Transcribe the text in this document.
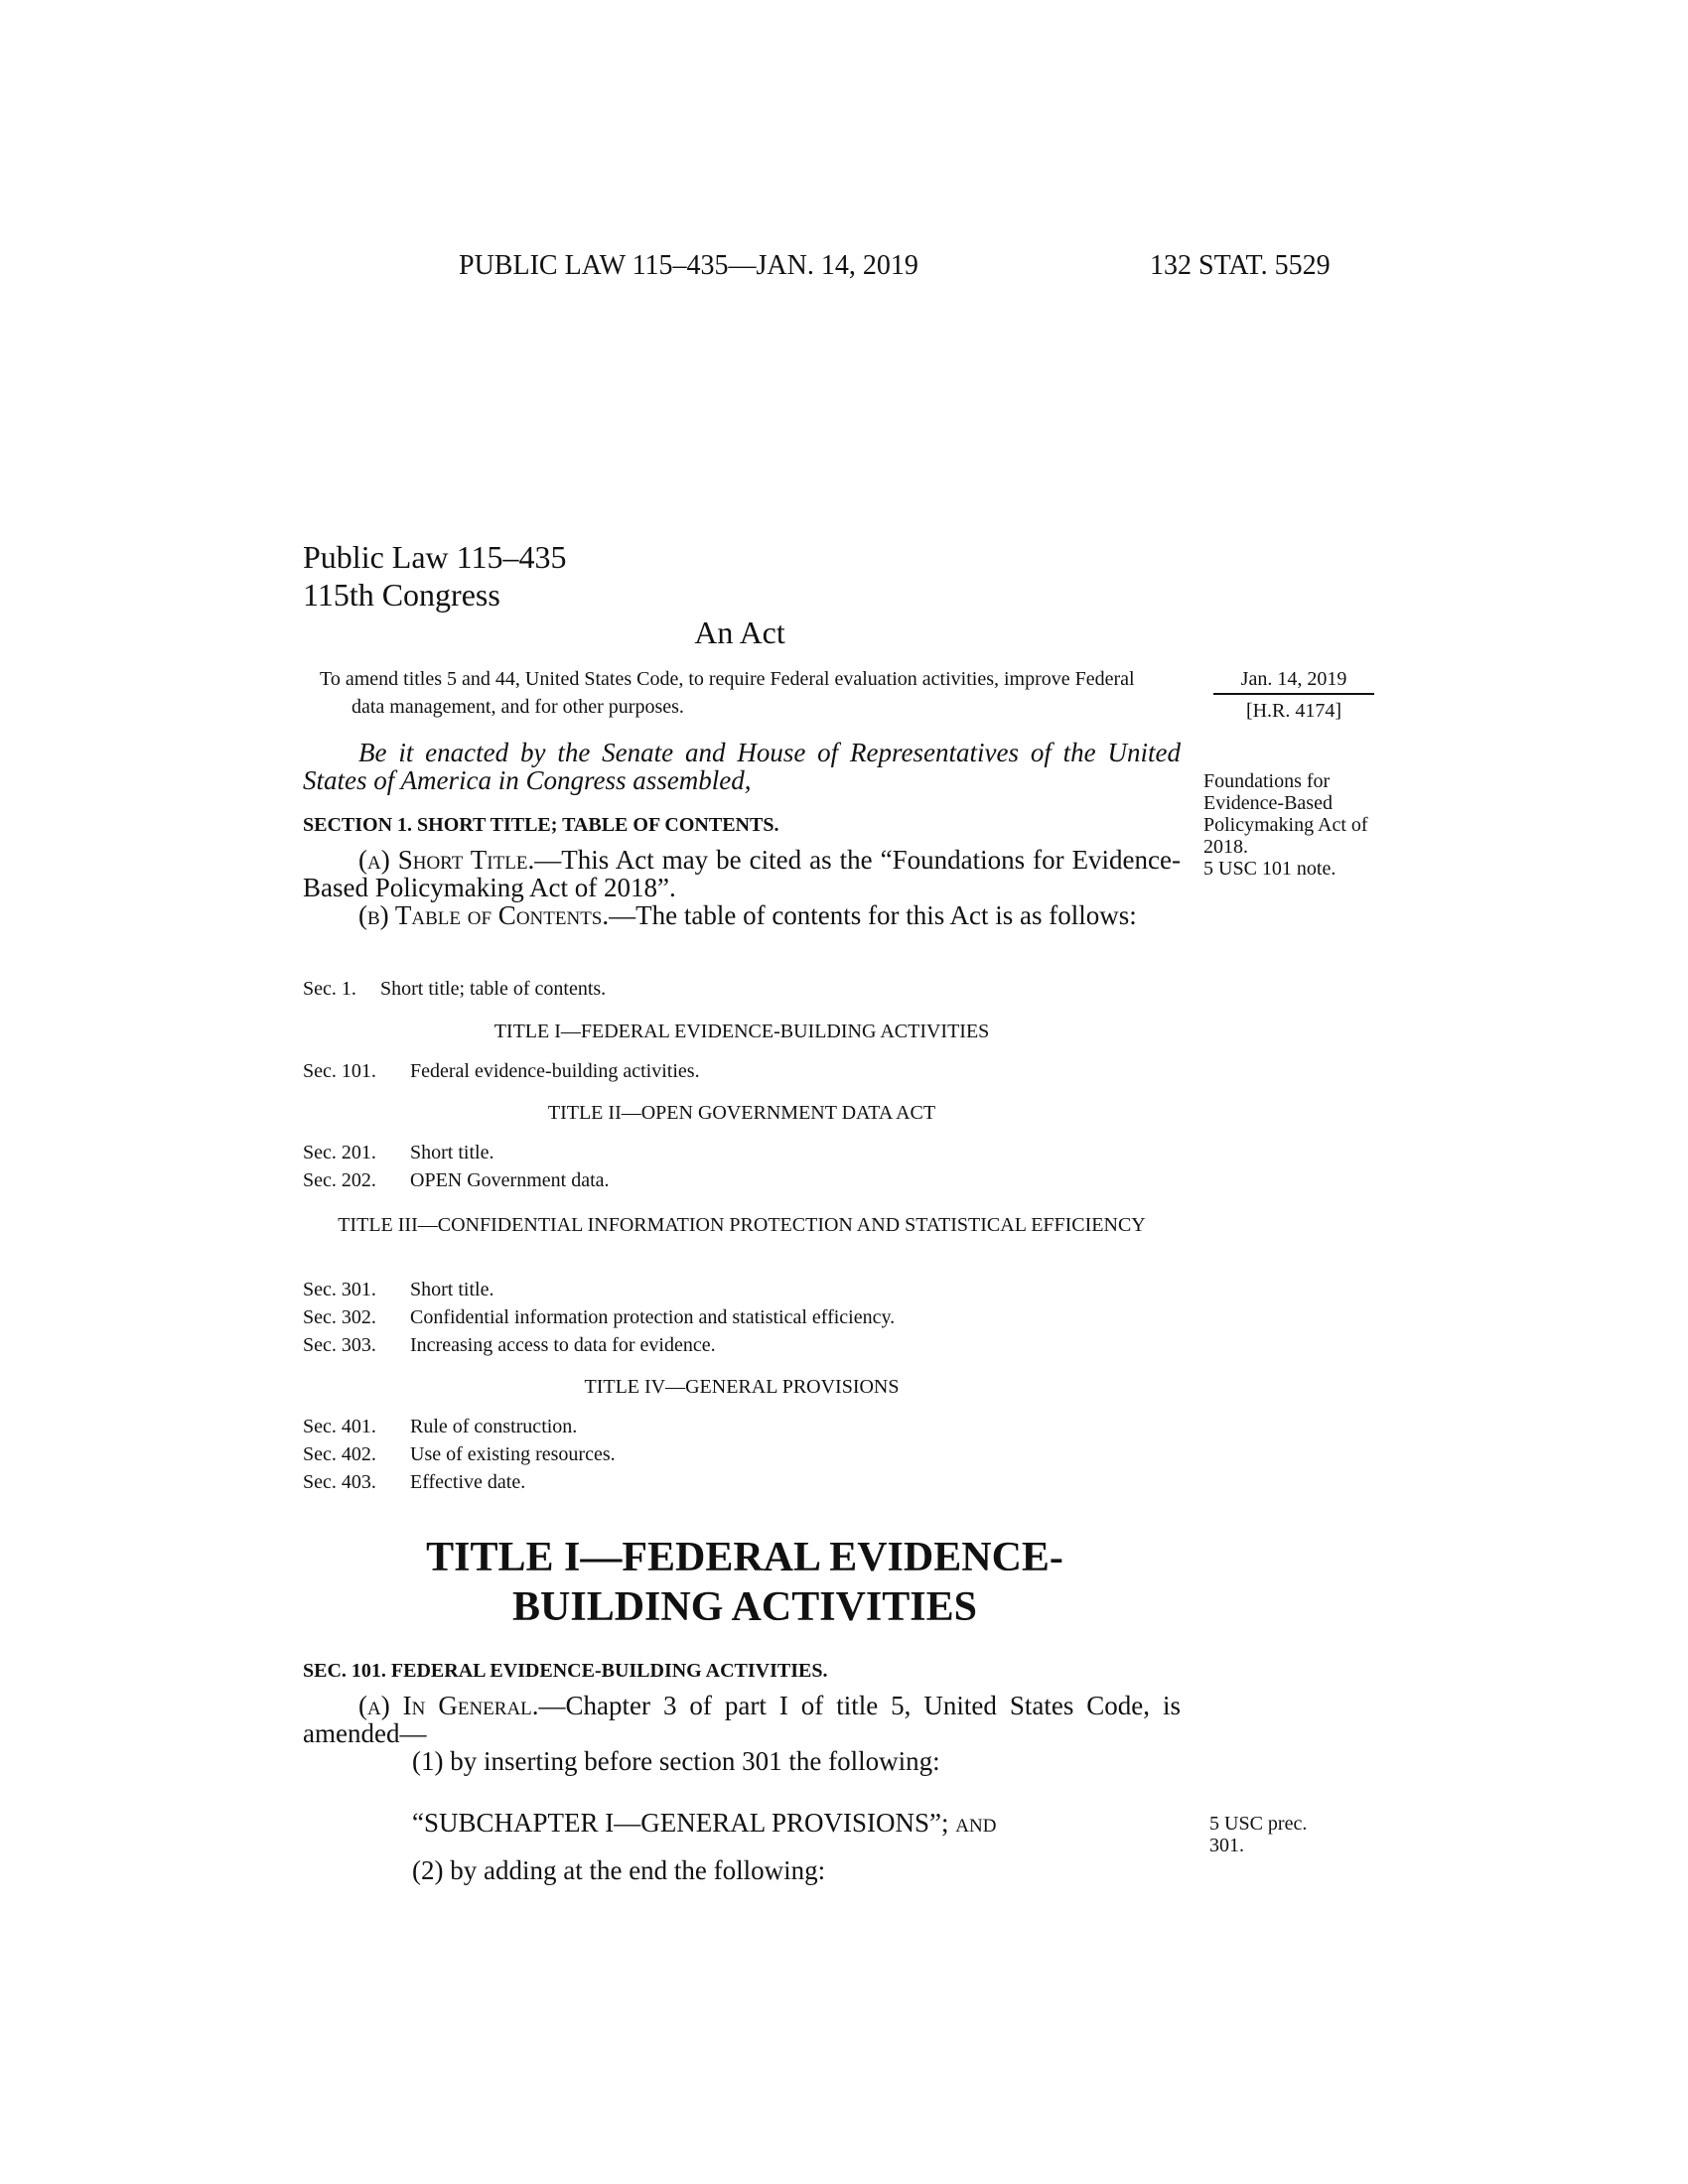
PUBLIC LAW 115–435—JAN. 14, 2019	132 STAT. 5529
Public Law 115–435
115th Congress
An Act
To amend titles 5 and 44, United States Code, to require Federal evaluation activities, improve Federal data management, and for other purposes.
Jan. 14, 2019
[H.R. 4174]
Be it enacted by the Senate and House of Representatives of the United States of America in Congress assembled,	Foundations for Evidence-Based Policymaking Act of 2018.
5 USC 101 note.
SECTION 1. SHORT TITLE; TABLE OF CONTENTS.
(a) Short Title.—This Act may be cited as the “Foundations for Evidence-Based Policymaking Act of 2018”.
(b) Table of Contents.—The table of contents for this Act is as follows:
Sec. 1. Short title; table of contents.
TITLE I—FEDERAL EVIDENCE-BUILDING ACTIVITIES
Sec. 101. Federal evidence-building activities.
TITLE II—OPEN GOVERNMENT DATA ACT
Sec. 201. Short title.
Sec. 202. OPEN Government data.
TITLE III—CONFIDENTIAL INFORMATION PROTECTION AND STATISTICAL EFFICIENCY
Sec. 301. Short title.
Sec. 302. Confidential information protection and statistical efficiency.
Sec. 303. Increasing access to data for evidence.
TITLE IV—GENERAL PROVISIONS
Sec. 401. Rule of construction.
Sec. 402. Use of existing resources.
Sec. 403. Effective date.
TITLE I—FEDERAL EVIDENCE-BUILDING ACTIVITIES
SEC. 101. FEDERAL EVIDENCE-BUILDING ACTIVITIES.
(a) In General.—Chapter 3 of part I of title 5, United States Code, is amended—
(1) by inserting before section 301 the following:
“SUBCHAPTER I—GENERAL PROVISIONS”; and	5 USC prec. 301.
(2) by adding at the end the following:
